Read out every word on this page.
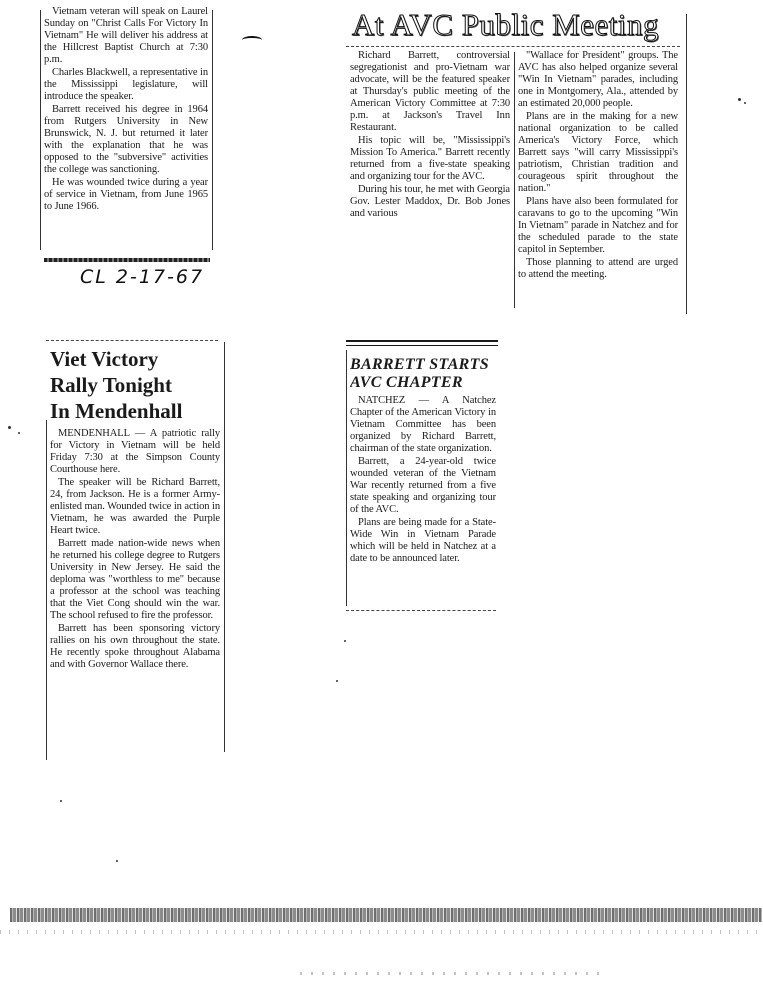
Vietnam veteran will speak on Laurel Sunday on "Christ Calls For Victory In Vietnam" He will deliver his address at the Hillcrest Baptist Church at 7:30 p.m.

Charles Blackwell, a representative in the Mississippi legislature, will introduce the speaker.

Barrett received his degree in 1964 from Rutgers University in New Brunswick, N. J. but returned it later with the explanation that he was opposed to the "subversive" activities the college was sanctioning.

He was wounded twice during a year of service in Vietnam, from June 1965 to June 1966.

CL 2-17-67
At AVC Public Meeting

Richard Barrett, controversial segregationist and pro-Vietnam war advocate, will be the featured speaker at Thursday's public meeting of the American Victory Committee at 7:30 p.m. at Jackson's Travel Inn Restaurant.

His topic will be, "Mississippi's Mission To America." Barrett recently returned from a five-state speaking and organizing tour for the AVC.

During his tour, he met with Georgia Gov. Lester Maddox, Dr. Bob Jones and various

"Wallace for President" groups. The AVC has also helped organize several "Win In Vietnam" parades, including one in Montgomery, Ala., attended by an estimated 20,000 people.

Plans are in the making for a new national organization to be called America's Victory Force, which Barrett says "will carry Mississippi's patriotism, Christian tradition and courageous spirit throughout the nation."

Plans have also been formulated for caravans to go to the upcoming "Win In Vietnam" parade in Natchez and for the scheduled parade to the state capitol in September.

Those planning to attend are urged to attend the meeting.

Viet Victory

Rally Tonight

In Mendenhall

MENDENHALL — A patriotic rally for Victory in Vietnam will be held Friday 7:30 at the Simpson County Courthouse here.

The speaker will be Richard Barrett, 24, from Jackson. He is a former Army-enlisted man. Wounded twice in action in Vietnam, he was awarded the Purple Heart twice.

Barrett made nation-wide news when he returned his college degree to Rutgers University in New Jersey. He said the deploma was "worthless to me" because a professor at the school was teaching that the Viet Cong should win the war. The school refused to fire the professor.

Barrett has been sponsoring victory rallies on his own throughout the state. He recently spoke throughout Alabama and with Governor Wallace there.

BARRETT STARTS

AVC CHAPTER

NATCHEZ — A Natchez Chapter of the American Victory in Vietnam Committee has been organized by Richard Barrett, chairman of the state organization.

Barrett, a 24-year-old twice wounded veteran of the Vietnam War recently returned from a five state speaking and organizing tour of the AVC.

Plans are being made for a State-Wide Win in Vietnam Parade which will be held in Natchez at a date to be announced later.
